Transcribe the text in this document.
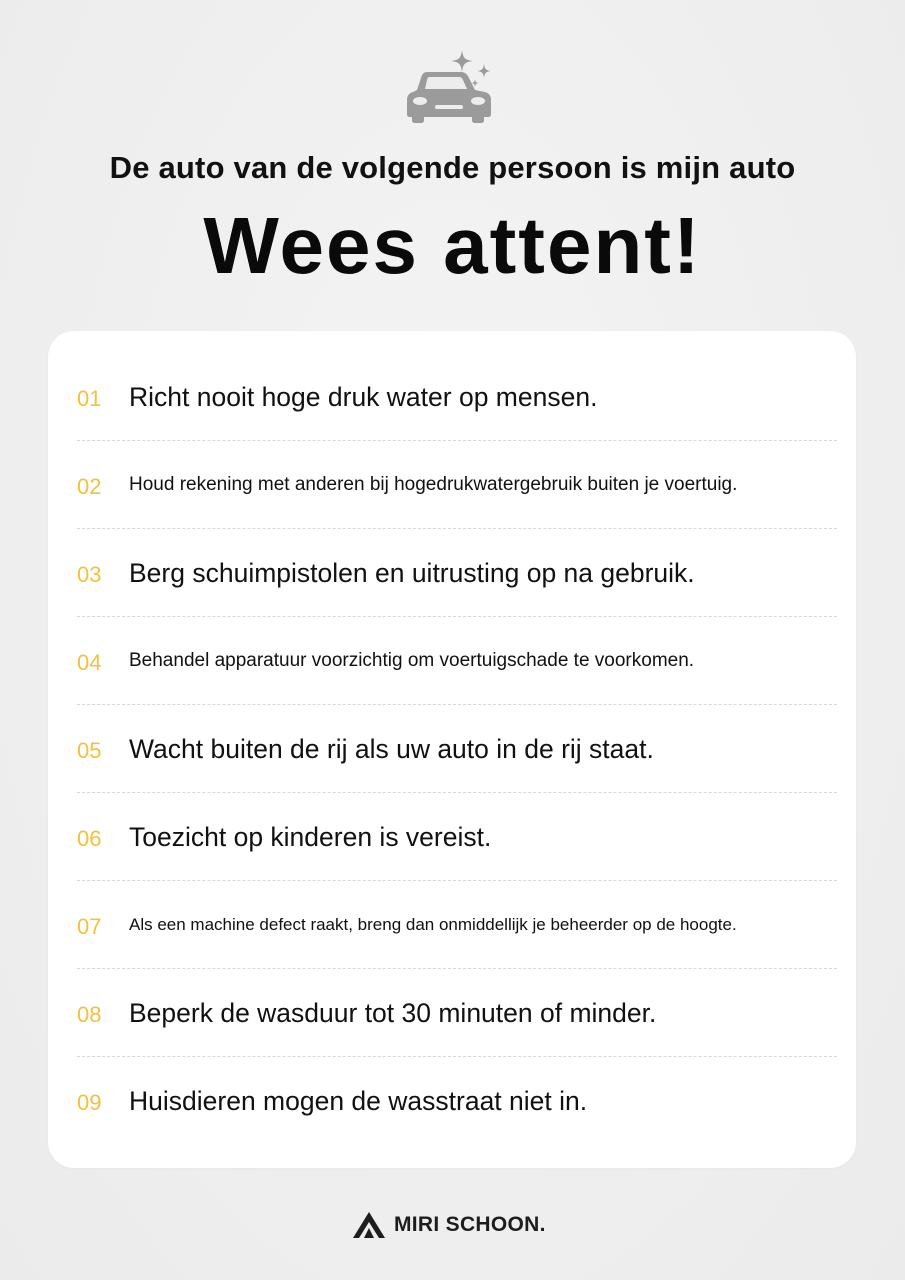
De auto van de volgende persoon is mijn auto
Wees attent!
01	Richt nooit hoge druk water op mensen.
02	Houd rekening met anderen bij hogedrukwatergebruik buiten je voertuig.
03	Berg schuimpistolen en uitrusting op na gebruik.
04	Behandel apparatuur voorzichtig om voertuigschade te voorkomen.
05	Wacht buiten de rij als uw auto in de rij staat.
06	Toezicht op kinderen is vereist.
07	Als een machine defect raakt, breng dan onmiddellijk je beheerder op de hoogte.
08	Beperk de wasduur tot 30 minuten of minder.
09	Huisdieren mogen de wasstraat niet in.
MIRI SCHOON.
